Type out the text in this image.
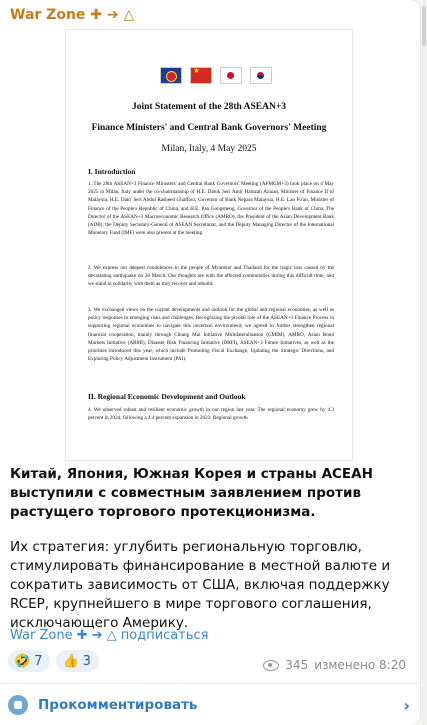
War Zone ✚ ➔ △
★
Joint Statement of the 28th ASEAN+3
Finance Ministers' and Central Bank Governors' Meeting
Milan, Italy, 4 May 2025
I. Introduction
1. The 28th ASEAN+3 Finance Ministers' and Central Bank Governors' Meeting (AFMGM+3) took place on 4 May 2025 in Milan, Italy under the co-chairmanship of H.E. Datuk Seri Amir Hamzah Azizan, Minister of Finance II of Malaysia, H.E. Dato' Seri Abdul Rasheed Ghaffour, Governor of Bank Negara Malaysia, H.E. Lan Fo'an, Minister of Finance of the People's Republic of China, and H.E. Pan Gongsheng, Governor of the People's Bank of China. The Director of the ASEAN+3 Macroeconomic Research Office (AMRO), the President of the Asian Development Bank (ADB), the Deputy Secretary-General of ASEAN Secretariat, and the Deputy Managing Director of the International Monetary Fund (IMF) were also present at the meeting.
2. We express our deepest condolences to the people of Myanmar and Thailand for the tragic loss caused by the devastating earthquake on 28 March. Our thoughts are with the affected communities during this difficult time, and we stand in solidarity with them as they recover and rebuild.
3. We exchanged views on the current developments and outlook for the global and regional economies, as well as policy responses to emerging risks and challenges. Recognizing the pivotal role of the ASEAN+3 Finance Process in supporting regional economies to navigate this uncertain environment, we agreed to further strengthen regional financial cooperation, mainly through Chiang Mai Initiative Multilateralisation (CMIM), AMRO, Asian Bond Markets Initiative (ABMI), Disaster Risk Financing Initiative (DRFI), ASEAN+3 Future Initiatives, as well as the priorities introduced this year, which include Promoting Fiscal Exchange, Updating the Strategic Directions, and Exploring Policy Adjustment Instrument (PAI).
II. Regional Economic Development and Outlook
4. We observed robust and resilient economic growth in our region last year. The regional economy grew by 4.3 percent in 2024, following a 4.4 percent expansion in 2023. Regional growth
Китай, Япония, Южная Корея и страны АСЕАН выступили с совместным заявлением против растущего торгового протекционизма.
Их стратегия: углубить региональную торговлю, стимулировать финансирование в местной валюте и сократить зависимость от США, включая поддержку RCEP, крупнейшего в мире торгового соглашения, исключающего Америку.
War Zone ✚ ➔ △ подписаться
🤣 7 👍 3	345 изменено 8:20
Прокомментировать	›
